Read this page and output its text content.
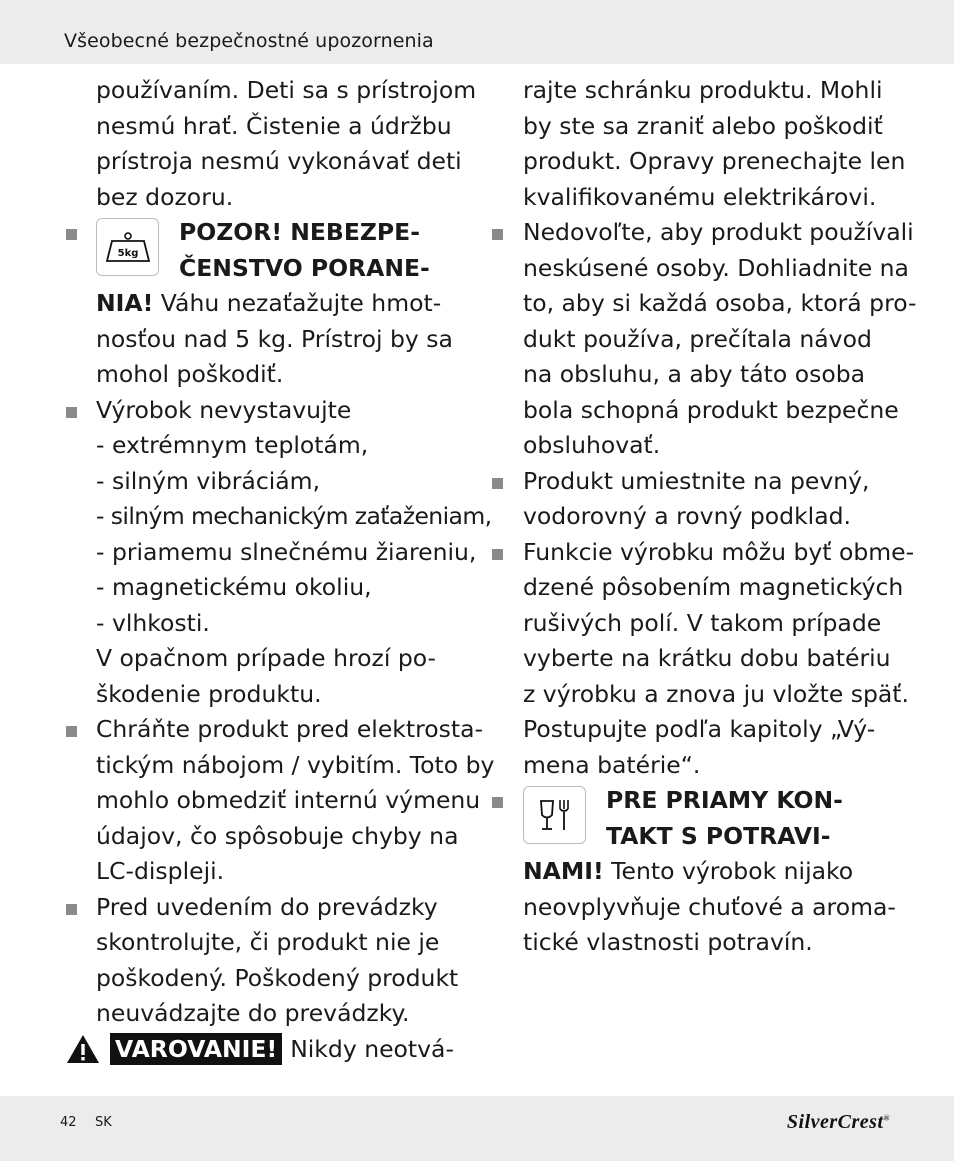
Všeobecné bezpečnostné upozornenia
používaním. Deti sa s prístrojom
nesmú hrať. Čistenie a údržbu
prístroja nesmú vykonávať deti
bez dozoru.
5kg
POZOR! NEBEZPE-
ČENSTVO PORANE-
NIA! Váhu nezaťažujte hmot-
nosťou nad 5 kg. Prístroj by sa
mohol poškodiť.
Výrobok nevystavujte
- extrémnym teplotám,
- silným vibráciám,
- silným mechanickým zaťaženiam,
- priamemu slnečnému žiareniu,
- magnetickému okoliu,
- vlhkosti.
V opačnom prípade hrozí po-
škodenie produktu.
Chráňte produkt pred elektrosta-
tickým nábojom / vybitím. Toto by
mohlo obmedziť internú výmenu
údajov, čo spôsobuje chyby na
LC-displeji.
Pred uvedením do prevádzky
skontrolujte, či produkt nie je
poškodený. Poškodený produkt
neuvádzajte do prevádzky.
VAROVANIE! Nikdy neotvá-
rajte schránku produktu. Mohli
by ste sa zraniť alebo poškodiť
produkt. Opravy prenechajte len
kvalifikovanému elektrikárovi.
Nedovoľte, aby produkt používali
neskúsené osoby. Dohliadnite na
to, aby si každá osoba, ktorá pro-
dukt používa, prečítala návod
na obsluhu, a aby táto osoba
bola schopná produkt bezpečne
obsluhovať.
Produkt umiestnite na pevný,
vodorovný a rovný podklad.
Funkcie výrobku môžu byť obme-
dzené pôsobením magnetických
rušivých polí. V takom prípade
vyberte na krátku dobu batériu
z výrobku a znova ju vložte späť.
Postupujte podľa kapitoly „Vý-
mena batérie“.
PRE PRIAMY KON-
TAKT S POTRAVI-
NAMI! Tento výrobok nijako
neovplyvňuje chuťové a aroma-
tické vlastnosti potravín.
42 SK	SilverCrest®
